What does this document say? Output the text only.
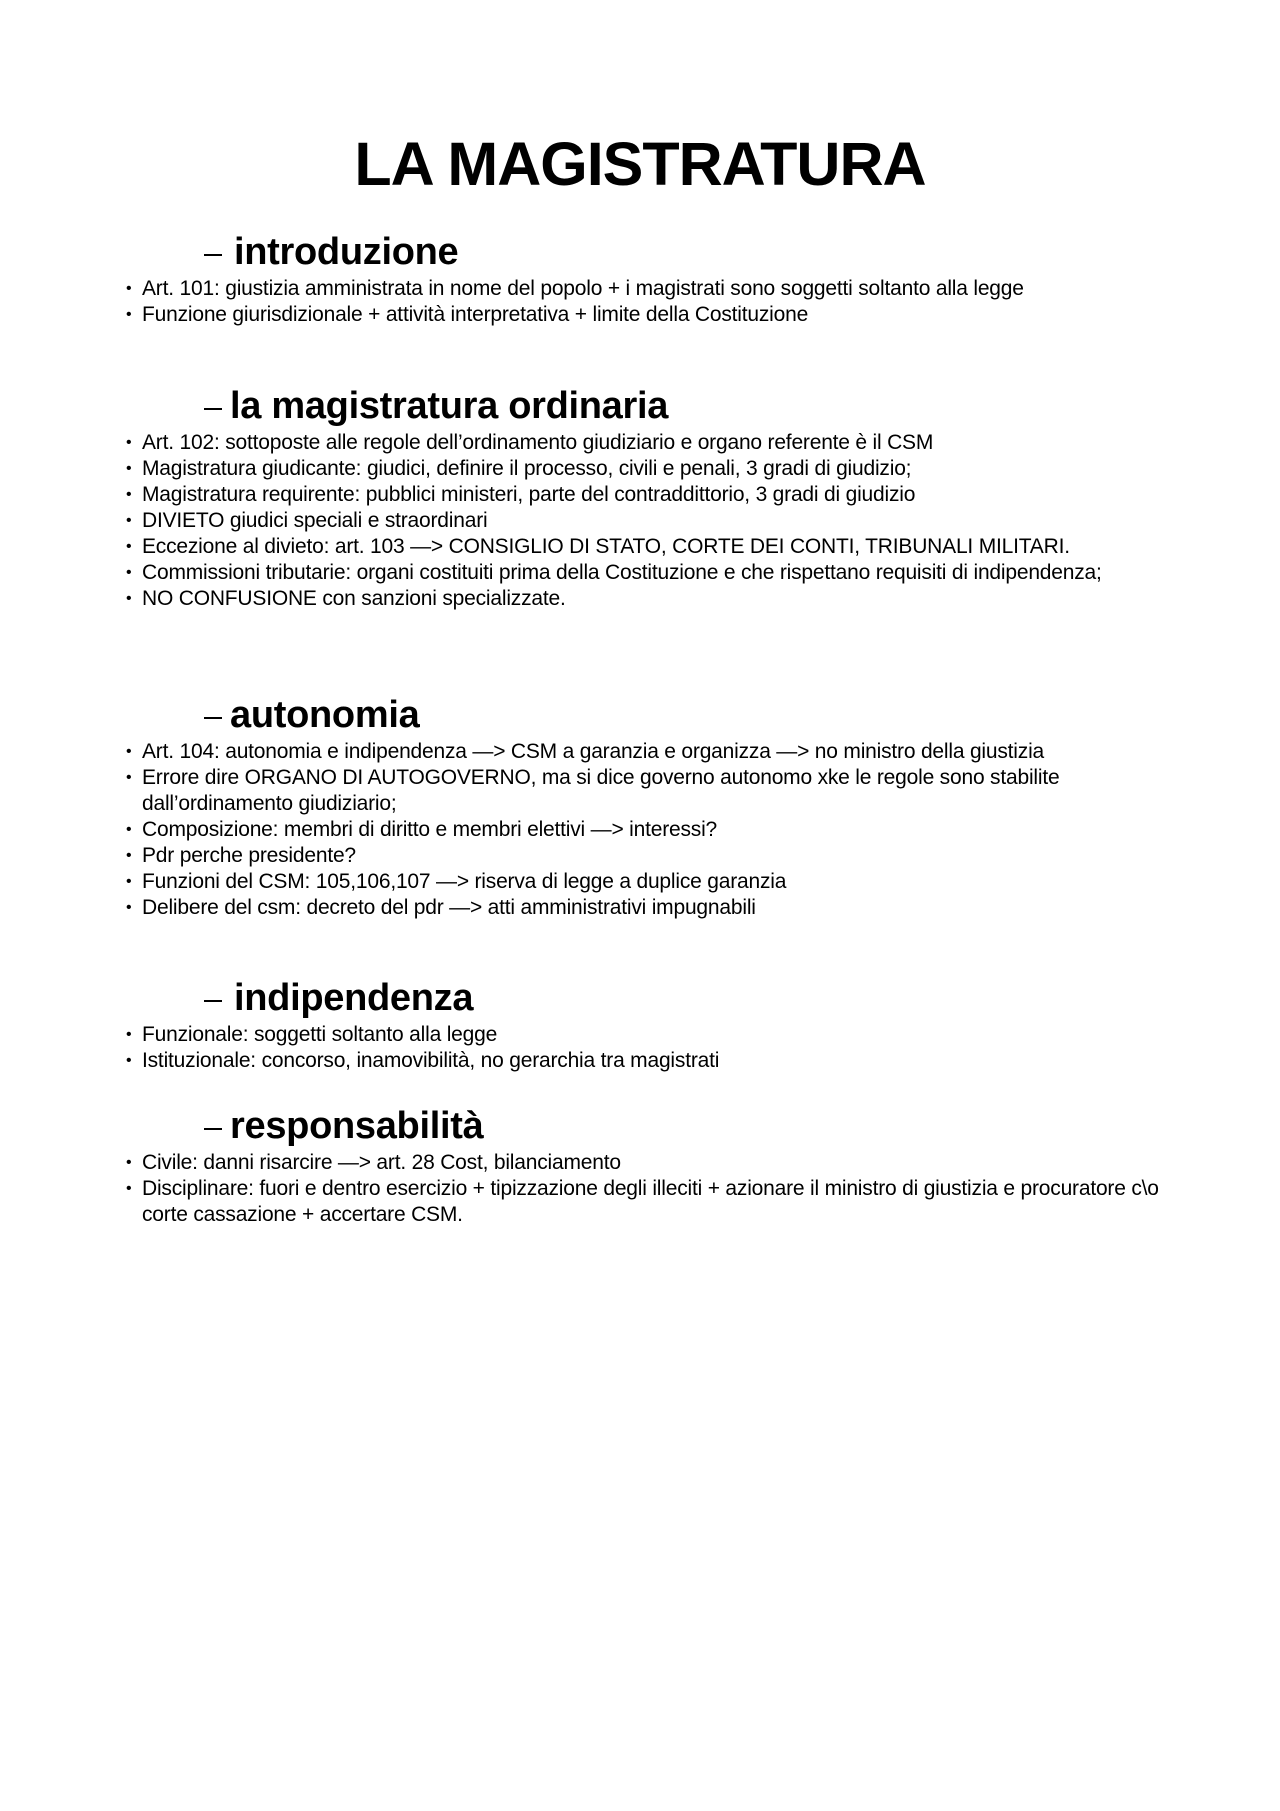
LA MAGISTRATURA
introduzione
• Art. 101: giustizia amministrata in nome del popolo + i magistrati sono soggetti soltanto alla legge
• Funzione giurisdizionale + attività interpretativa + limite della Costituzione
la magistratura ordinaria
• Art. 102: sottoposte alle regole dell’ordinamento giudiziario e organo referente è il CSM
• Magistratura giudicante: giudici, definire il processo, civili e penali, 3 gradi di giudizio;
• Magistratura requirente: pubblici ministeri, parte del contraddittorio, 3 gradi di giudizio
• DIVIETO giudici speciali e straordinari
• Eccezione al divieto: art. 103 —> CONSIGLIO DI STATO, CORTE DEI CONTI, TRIBUNALI MILITARI.
• Commissioni tributarie: organi costituiti prima della Costituzione e che rispettano requisiti di indipendenza;
• NO CONFUSIONE con sanzioni specializzate.
autonomia
• Art. 104: autonomia e indipendenza —> CSM a garanzia e organizza —> no ministro della giustizia
• Errore dire ORGANO DI AUTOGOVERNO, ma si dice governo autonomo xke le regole sono stabilite dall’ordinamento giudiziario;
• Composizione: membri di diritto e membri elettivi —> interessi?
• Pdr perche presidente?
• Funzioni del CSM: 105,106,107 —> riserva di legge a duplice garanzia
• Delibere del csm: decreto del pdr —> atti amministrativi impugnabili
indipendenza
• Funzionale: soggetti soltanto alla legge
• Istituzionale: concorso, inamovibilità, no gerarchia tra magistrati
responsabilità
• Civile: danni risarcire —> art. 28 Cost, bilanciamento
• Disciplinare: fuori e dentro esercizio + tipizzazione degli illeciti + azionare il ministro di giustizia e procuratore c\o corte cassazione + accertare CSM.
